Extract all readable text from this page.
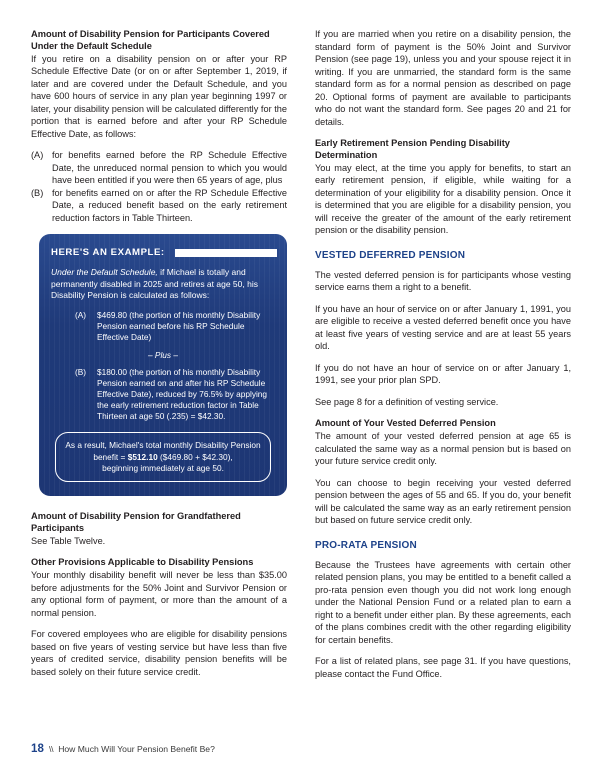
Amount of Disability Pension for Participants Covered Under the Default Schedule

If you retire on a disability pension on or after your RP Schedule Effective Date (or on or after September 1, 2019, if later and are covered under the Default Schedule, and you have 600 hours of service in any plan year beginning 1997 or later, your disability pension will be calculated differently for the portion that is earned before and after your RP Schedule Effective Date, as follows:

(A) for benefits earned before the RP Schedule Effective Date, the unreduced normal pension to which you would have been entitled if you were then 65 years of age, plus
(B) for benefits earned on or after the RP Schedule Effective Date, a reduced benefit based on the early retirement reduction factors in Table Thirteen.
HERE'S AN EXAMPLE:

Under the Default Schedule, if Michael is totally and permanently disabled in 2025 and retires at age 50, his Disability Pension is calculated as follows:

(A)	$469.80 (the portion of his monthly Disability Pension earned before his RP Schedule Effective Date)
– Plus –
(B)	$180.00 (the portion of his monthly Disability Pension earned on and after his RP Schedule Effective Date), reduced by 76.5% by applying the early retirement reduction factor in Table Thirteen at age 50 (.235) = $42.30.
As a result, Michael's total monthly Disability Pension
benefit = $512.10 ($469.80 + $42.30),
beginning immediately at age 50.
Amount of Disability Pension for Grandfathered Participants

See Table Twelve.

Other Provisions Applicable to Disability Pensions

Your monthly disability benefit will never be less than $35.00 before adjustments for the 50% Joint and Survivor Pension or any optional form of payment, or more than the amount of a normal pension.

For covered employees who are eligible for disability pensions based on five years of vesting service but have less than five years of credited service, disability pension benefits will be based solely on their future service credit.

If you are married when you retire on a disability pension, the standard form of payment is the 50% Joint and Survivor Pension (see page 19), unless you and your spouse reject it in writing. If you are unmarried, the standard form is the same standard form as for a normal pension as described on page 20. Optional forms of payment are available to participants who do not want the standard form. See pages 20 and 21 for details.

Early Retirement Pension Pending Disability Determination

You may elect, at the time you apply for benefits, to start an early retirement pension, if eligible, while waiting for a determination of your eligibility for a disability pension. Once it is determined that you are eligible for a disability pension, you will receive the greater of the amount of the early retirement pension or the disability pension.

VESTED DEFERRED PENSION

The vested deferred pension is for participants whose vesting service earns them a right to a benefit.

If you have an hour of service on or after January 1, 1991, you are eligible to receive a vested deferred benefit once you have at least five years of vesting service and are at least 55 years old.

If you do not have an hour of service on or after January 1, 1991, see your prior plan SPD.

See page 8 for a definition of vesting service.

Amount of Your Vested Deferred Pension

The amount of your vested deferred pension at age 65 is calculated the same way as a normal pension but is based on your future service credit only.

You can choose to begin receiving your vested deferred pension between the ages of 55 and 65. If you do, your benefit will be calculated the same way as an early retirement pension but based on future service credit only.

PRO-RATA PENSION

Because the Trustees have agreements with certain other related pension plans, you may be entitled to a benefit called a pro-rata pension even though you did not work long enough under the National Pension Fund or a related plan to earn a right to a benefit under either plan. By these agreements, each of the plans combines credit with the other regarding eligibility for certain benefits.

For a list of related plans, see page 31. If you have questions, please contact the Fund Office.

18 \\ How Much Will Your Pension Benefit Be?
